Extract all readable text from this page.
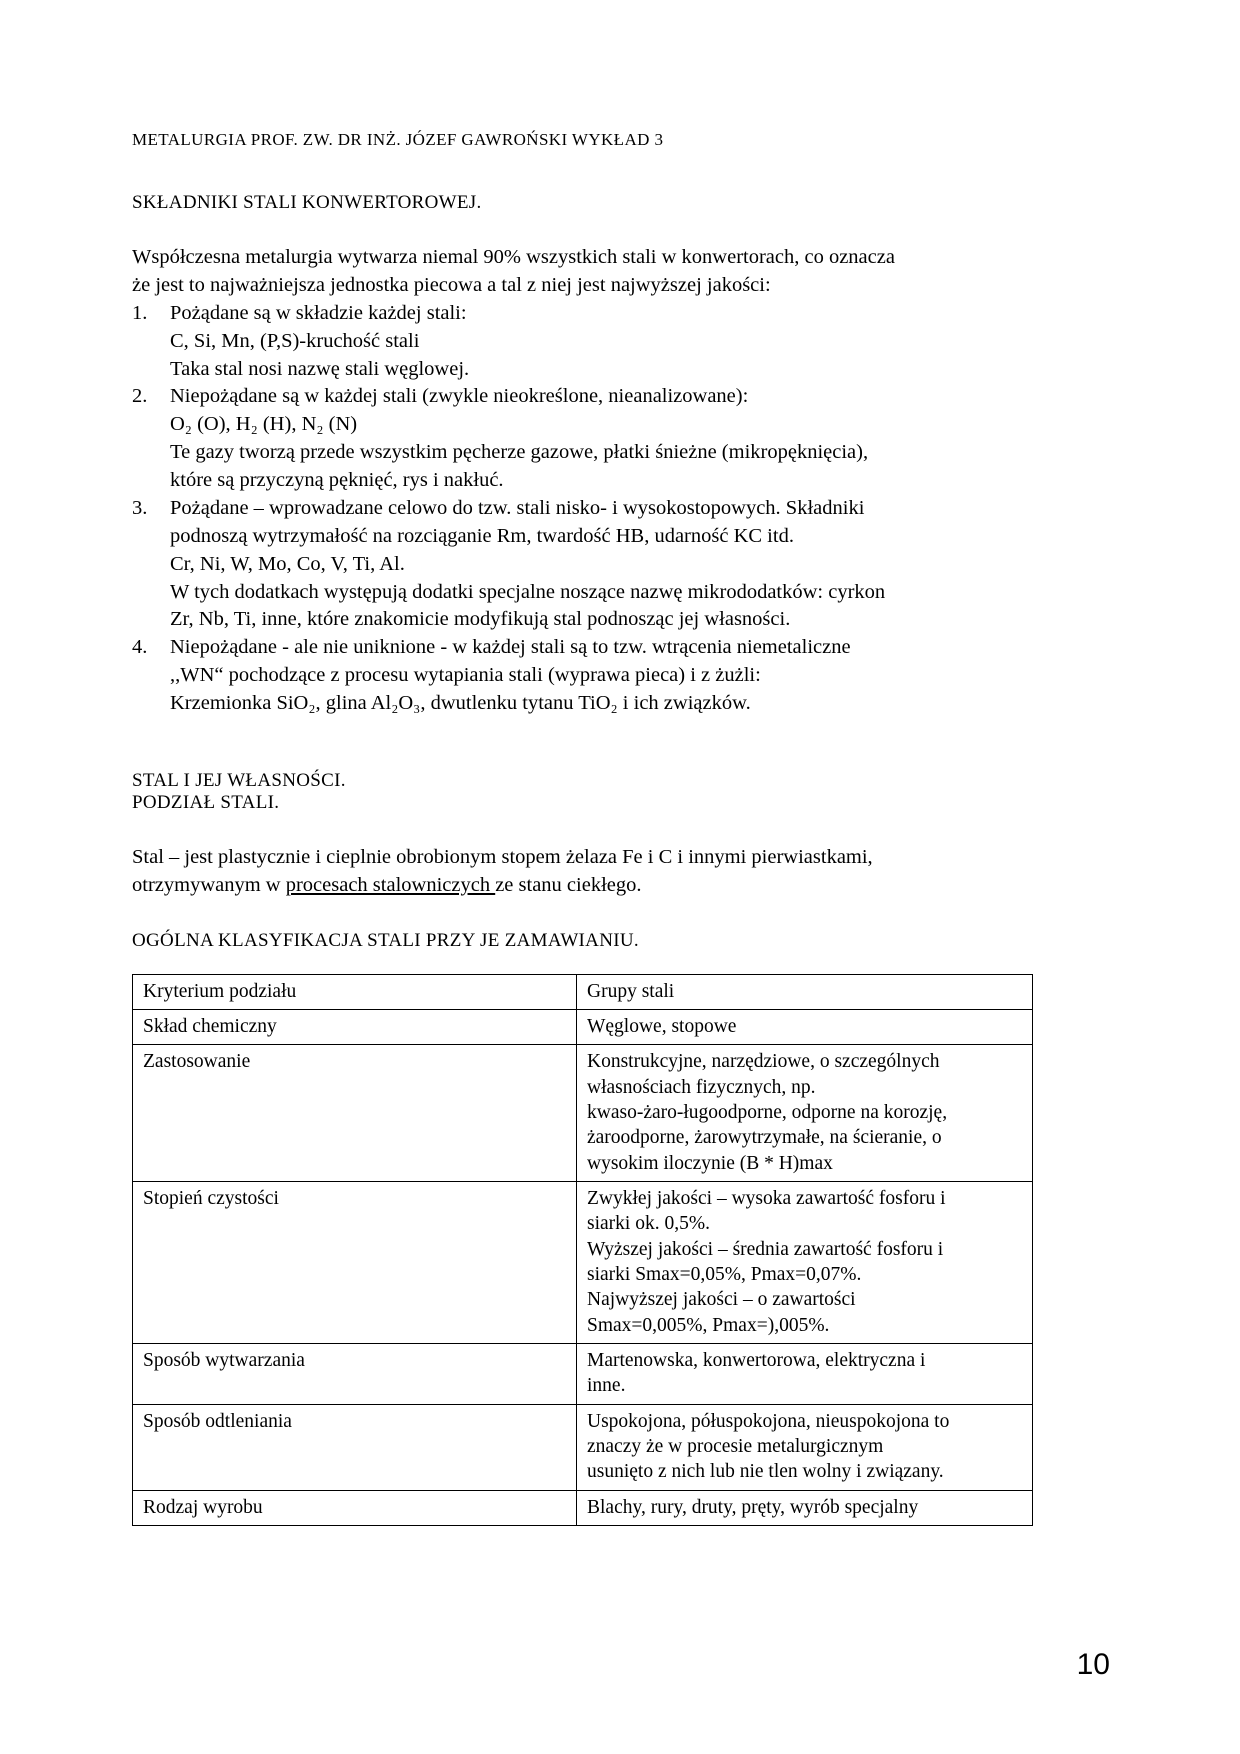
METALURGIA PROF. ZW. DR INŻ. JÓZEF GAWROŃSKI WYKŁAD 3
SKŁADNIKI STALI KONWERTOROWEJ.
Współczesna metalurgia wytwarza niemal 90% wszystkich stali w konwertorach, co oznacza
że jest to najważniejsza jednostka piecowa a tal z niej jest najwyższej jakości:
1. Pożądane są w składzie każdej stali:
C, Si, Mn, (P,S)-kruchość stali
Taka stal nosi nazwę stali węglowej.
2. Niepożądane są w każdej stali (zwykle nieokreślone, nieanalizowane):
O₂ (O), H₂ (H), N₂ (N)
Te gazy tworzą przede wszystkim pęcherze gazowe, płatki śnieżne (mikropęknięcia),
które są przyczyną pęknięć, rys i nakłuć.
3. Pożądane – wprowadzane celowo do tzw. stali nisko- i wysokostopowych. Składniki
podnoszą wytrzymałość na rozciąganie Rm, twardość HB, udarność KC itd.
Cr, Ni, W, Mo, Co, V, Ti, Al.
W tych dodatkach występują dodatki specjalne noszące nazwę mikrododatków: cyrkon
Zr, Nb, Ti, inne, które znakomicie modyfikują stal podnosząc jej własności.
4. Niepożądane - ale nie uniknione - w każdej stali są to tzw. wtrącenia niemetaliczne
,,WN“ pochodzące z procesu wytapiania stali (wyprawa pieca) i z żużli:
Krzemionka SiO₂, glina Al₂O₃, dwutlenku tytanu TiO₂ i ich związków.
STAL I JEJ WŁASNOŚCI.
PODZIAŁ STALI.
Stal – jest plastycznie i cieplnie obrobionym stopem żelaza Fe i C i innymi pierwiastkami,
otrzymywanym w procesach stalowniczych ze stanu ciekłego.
OGÓLNA KLASYFIKACJA STALI PRZY JE ZAMAWIANIU.
Kryterium podziału	Grupy stali

Skład chemiczny	Węglowe, stopowe

Zastosowanie	Konstrukcyjne, narzędziowe, o szczególnych
własnościach fizycznych, np.
kwaso-żaro-ługoodporne, odporne na korozję,
żaroodporne, żarowytrzymałe, na ścieranie, o
wysokim iloczynie (B * H)max

Stopień czystości	Zwykłej jakości – wysoka zawartość fosforu i
siarki ok. 0,5%.
Wyższej jakości – średnia zawartość fosforu i
siarki Smax=0,05%, Pmax=0,07%.
Najwyższej jakości – o zawartości
Smax=0,005%, Pmax=),005%.

Sposób wytwarzania	Martenowska, konwertorowa, elektryczna i
inne.

Sposób odtleniania	Uspokojona, półuspokojona, nieuspokojona to
znaczy że w procesie metalurgicznym
usunięto z nich lub nie tlen wolny i związany.

Rodzaj wyrobu	Blachy, rury, druty, pręty, wyrób specjalny
10
